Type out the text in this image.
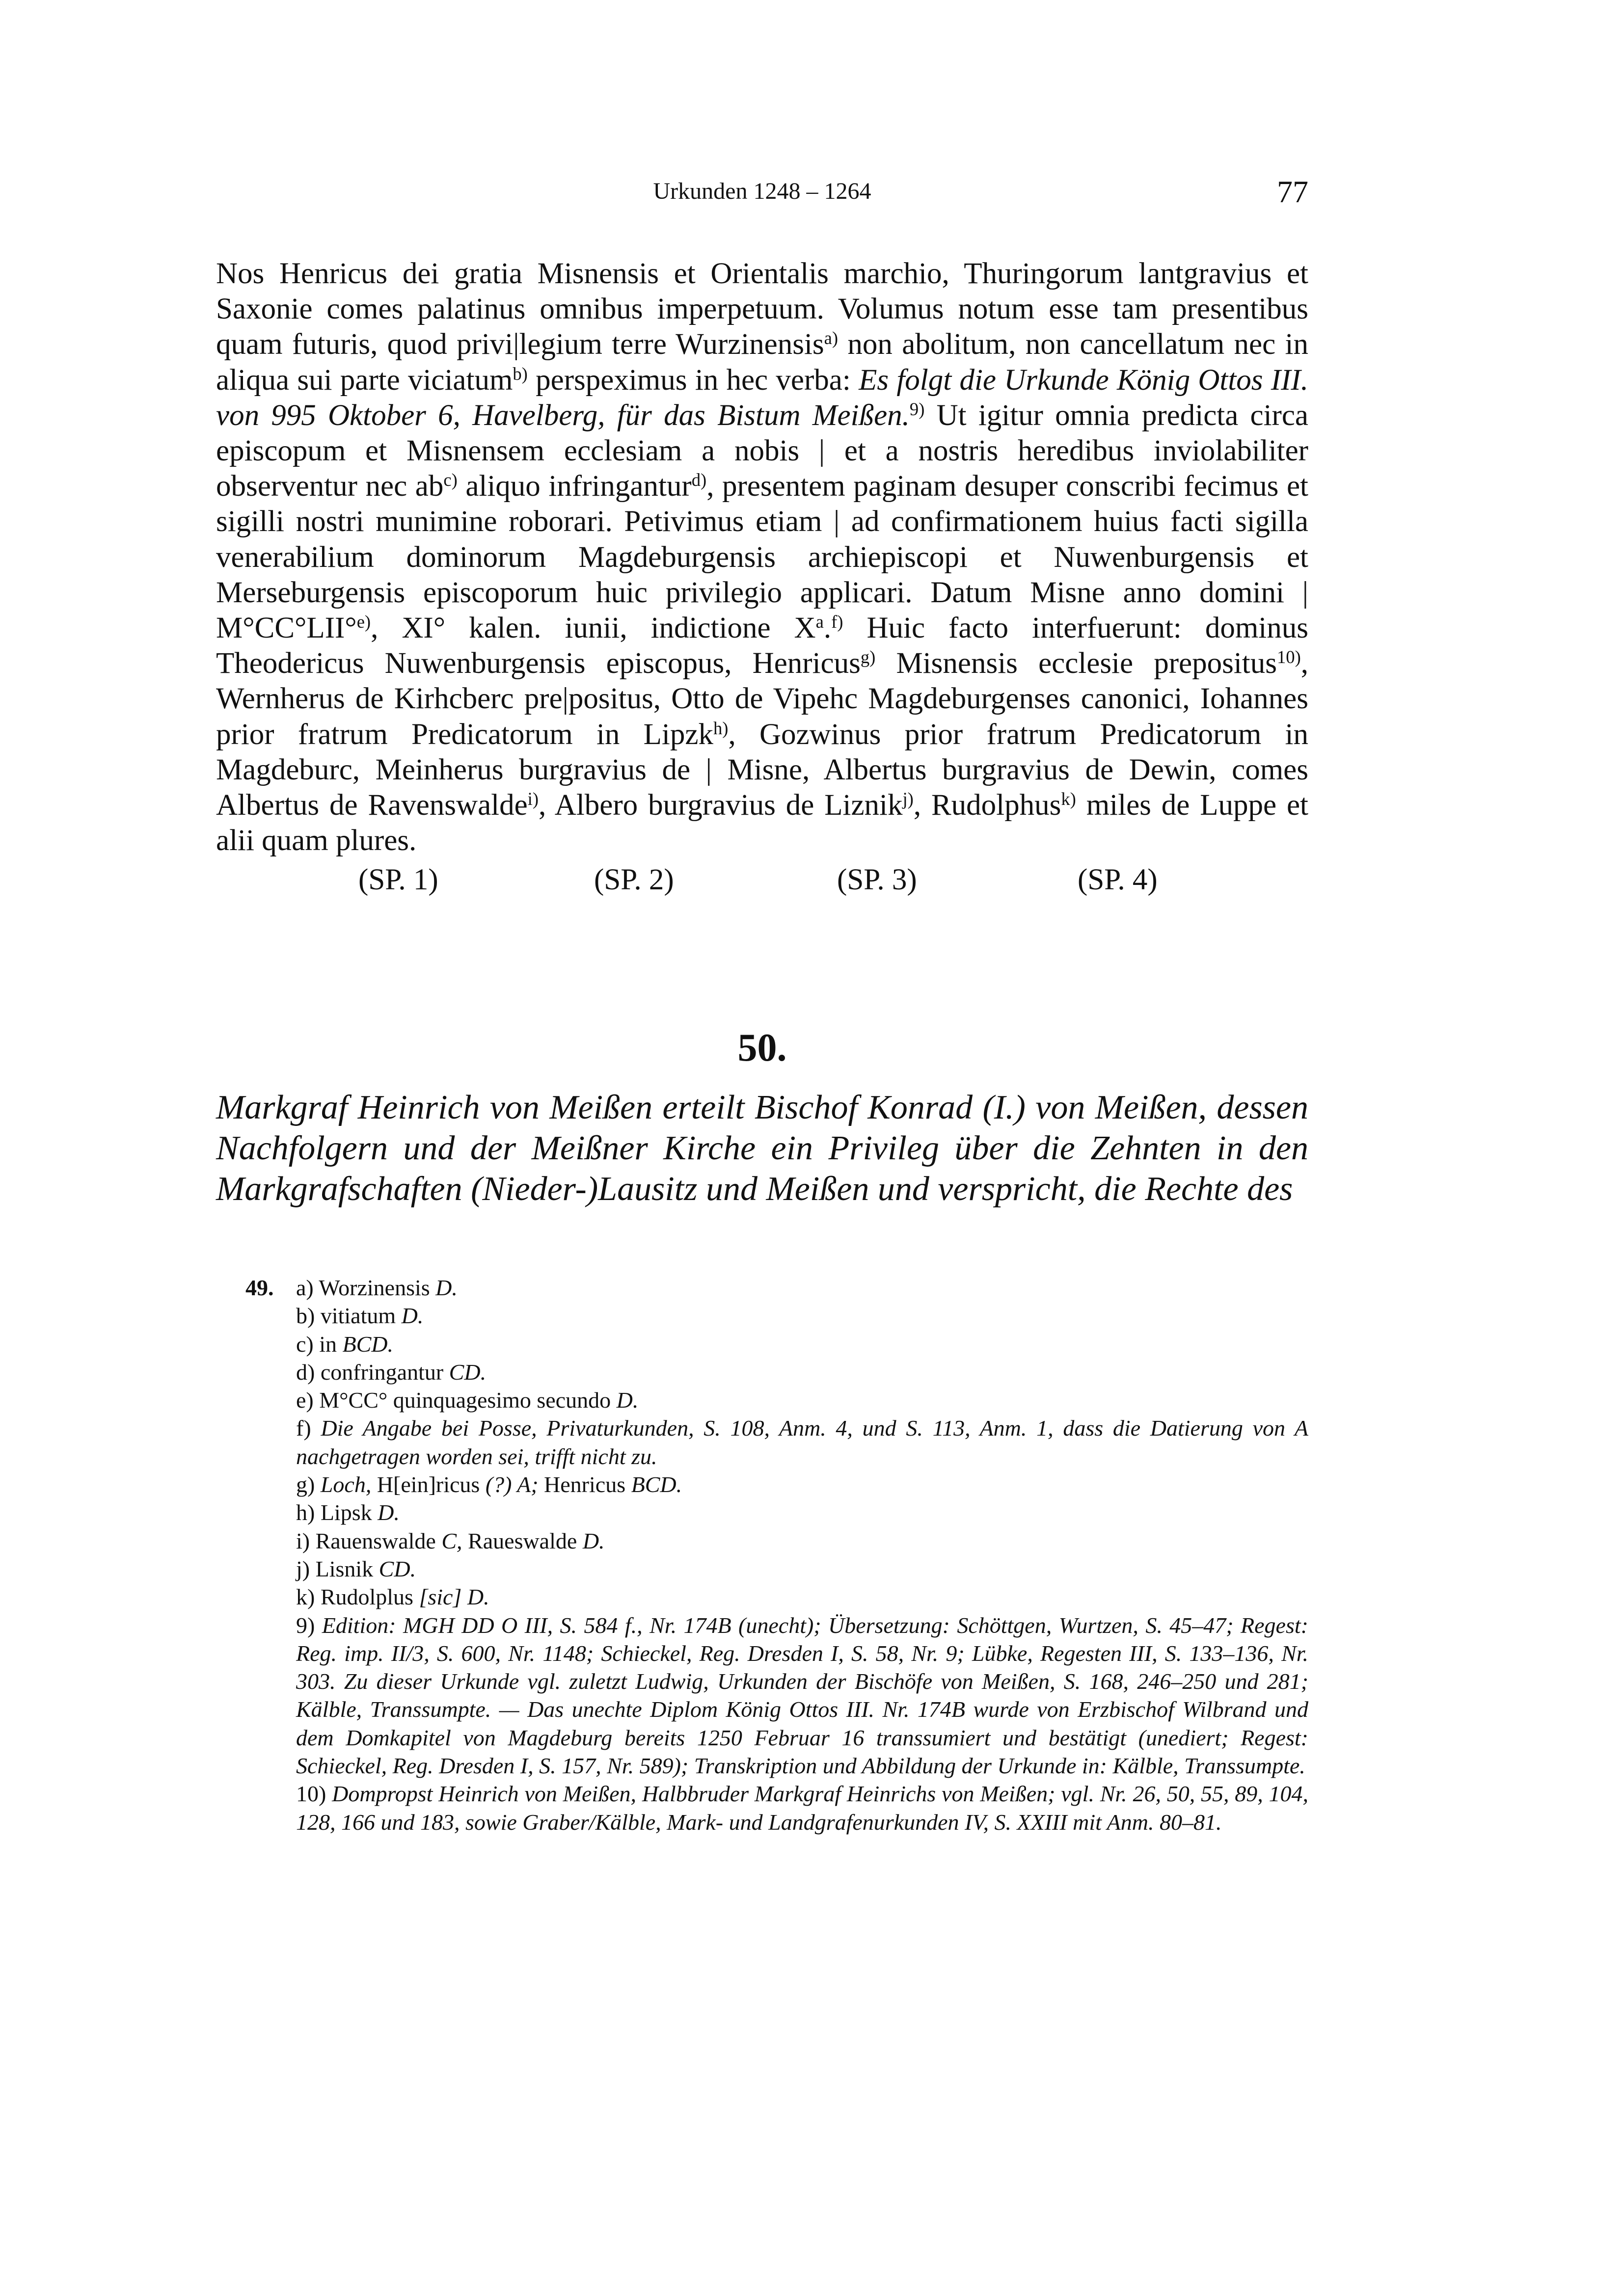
Urkunden 1248 – 1264	77

Nos Henricus dei gratia Misnensis et Orientalis marchio, Thuringorum lantgravius et Saxonie comes palatinus omnibus imperpetuum. Volumus notum esse tam presentibus quam futuris, quod privi|legium terre Wurzinensis$^{a)}$ non abolitum, non cancellatum nec in aliqua sui parte viciatum$^{b)}$ perspeximus in hec verba: Es folgt die Urkunde König Ottos III. von 995 Oktober 6, Havelberg, für das Bistum Meißen.$^{9)}$ Ut igitur omnia predicta circa episcopum et Misnensem ecclesiam a nobis | et a nostris heredibus inviolabiliter observentur nec $ab^{c)}$ aliquo infringantur$^{d)}$, presentem paginam desuper conscribi fecimus et sigilli nostri munimine roborari. Petivimus etiam | ad confirmationem huius facti sigilla venerabilium dominorum Magdeburgensis archiepiscopi et Nuwenburgensis et Merseburgensis episcoporum huic privilegio applicari. Datum Misne anno domini | M°CC°LII°$^{e)}$, XI° kalen. iunii, indictione $X^a.^{f)}$ Huic facto interfuerunt: dominus Theodericus Nuwenburgensis episcopus, Henricus$^{g)}$ Misnensis ecclesie prepositus$^{10)}$, Wernherus de Kirhcberc pre|positus, Otto de Vipehc Magdeburgenses canonici, Iohannes prior fratrum Predicatorum in Lipzk$^{h)}$, Gozwinus prior fratrum Predicatorum in Magdeburc, Meinherus burgravius de | Misne, Albertus burgravius de Dewin, comes Albertus de Ravenswalde$^{i)}$, Albero burgravius de Liznik$^{j)}$, Rudolphus$^{k)}$ miles de Luppe et alii quam plures.

(SP. 1)	(SP. 2)	(SP. 3)	(SP. 4)
50.

Markgraf Heinrich von Meißen erteilt Bischof Konrad (I.) von Meißen, dessen Nachfolgern und der Meißner Kirche ein Privileg über die Zehnten in den Markgrafschaften (Nieder-)Lausitz und Meißen und verspricht, die Rechte des

49. a) Worzinensis D.
b) vitiatum D.
c) in BCD.
d) confringantur CD.
e) M°CC° quinquagesimo secundo D.
f) Die Angabe bei Posse, Privaturkunden, S. 108, Anm. 4, und S. 113, Anm. 1, dass die Datierung von A nachgetragen worden sei, trifft nicht zu.
g) Loch, H[ein]ricus (?) A; Henricus BCD.
h) Lipsk D.
i) Rauenswalde C, Raueswalde D.
j) Lisnik CD.
k) Rudolplus [sic] D.
9) Edition: MGH DD O III, S. 584 f., Nr. 174B (unecht); Übersetzung: Schöttgen, Wurtzen, S. 45–47; Regest: Reg. imp. II/3, S. 600, Nr. 1148; Schieckel, Reg. Dresden I, S. 58, Nr. 9; Lübke, Regesten III, S. 133–136, Nr. 303. Zu dieser Urkunde vgl. zuletzt Ludwig, Urkunden der Bischöfe von Meißen, S. 168, 246–250 und 281; Kälble, Transsumpte. — Das unechte Diplom König Ottos III. Nr. 174B wurde von Erzbischof Wilbrand und dem Domkapitel von Magdeburg bereits 1250 Februar 16 transsumiert und bestätigt (unediert; Regest: Schieckel, Reg. Dresden I, S. 157, Nr. 589); Transkription und Abbildung der Urkunde in: Kälble, Transsumpte.
10) Dompropst Heinrich von Meißen, Halbbruder Markgraf Heinrichs von Meißen; vgl. Nr. 26, 50, 55, 89, 104, 128, 166 und 183, sowie Graber/Kälble, Mark- und Landgrafenurkunden IV, S. XXIII mit Anm. 80–81.
